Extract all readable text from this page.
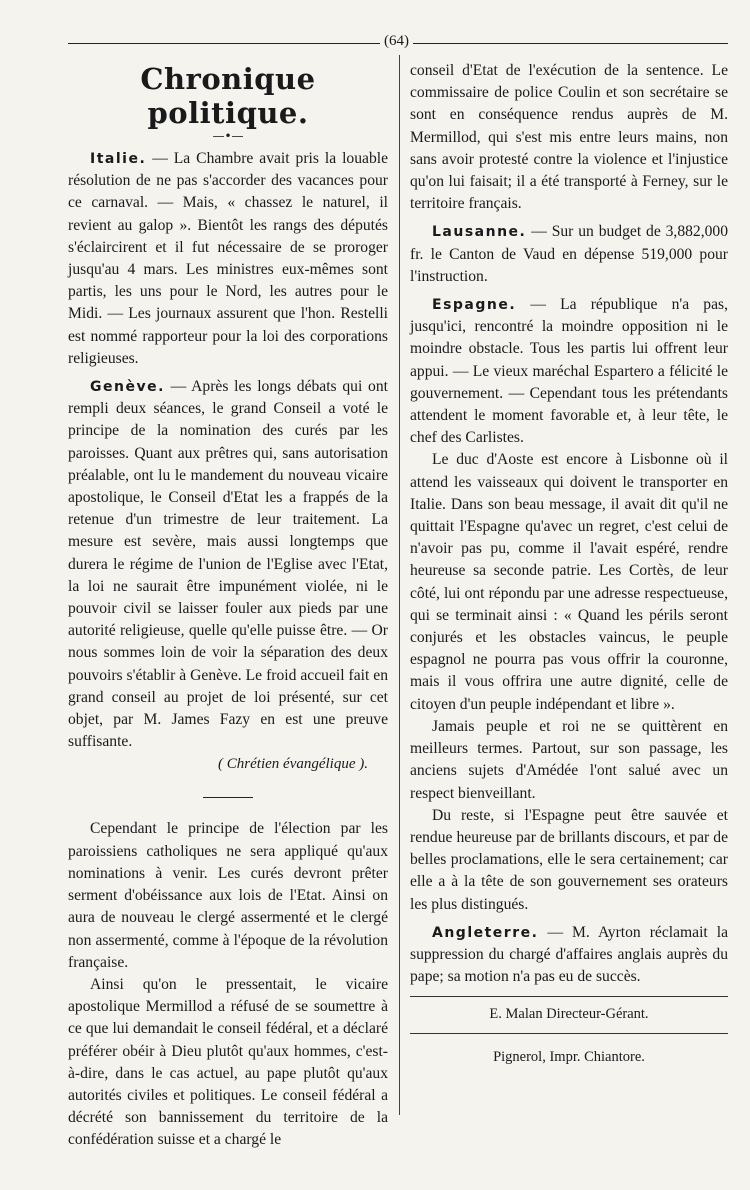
(64)
Chronique politique.
—•—

Italie. — La Chambre avait pris la louable résolution de ne pas s'accorder des vacances pour ce carnaval. — Mais, « chassez le naturel, il revient au galop ». Bientôt les rangs des députés s'éclaircirent et il fut nécessaire de se proroger jusqu'au 4 mars. Les ministres eux-mêmes sont partis, les uns pour le Nord, les autres pour le Midi. — Les journaux assurent que l'hon. Restelli est nommé rapporteur pour la loi des corporations religieuses.

Genève. — Après les longs débats qui ont rempli deux séances, le grand Conseil a voté le principe de la nomination des curés par les paroisses. Quant aux prêtres qui, sans autorisation préalable, ont lu le mandement du nouveau vicaire apostolique, le Conseil d'Etat les a frappés de la retenue d'un trimestre de leur traitement. La mesure est sevère, mais aussi longtemps que durera le régime de l'union de l'Eglise avec l'Etat, la loi ne saurait être impunément violée, ni le pouvoir civil se laisser fouler aux pieds par une autorité religieuse, quelle qu'elle puisse être. — Or nous sommes loin de voir la séparation des deux pouvoirs s'établir à Genève. Le froid accueil fait en grand conseil au projet de loi présenté, sur cet objet, par M. James Fazy en est une preuve suffisante.

( Chrétien évangélique ).

Cependant le principe de l'élection par les paroissiens catholiques ne sera appliqué qu'aux nominations à venir. Les curés devront prêter serment d'obéissance aux lois de l'Etat. Ainsi on aura de nouveau le clergé assermenté et le clergé non assermenté, comme à l'époque de la révolution française.

Ainsi qu'on le pressentait, le vicaire apostolique Mermillod a réfusé de se soumettre à ce que lui demandait le conseil fédéral, et a déclaré préférer obéir à Dieu plutôt qu'aux hommes, c'est-à-dire, dans le cas actuel, au pape plutôt qu'aux autorités civiles et politiques. Le conseil fédéral a décrété son bannissement du territoire de la confédération suisse et a chargé le

conseil d'Etat de l'exécution de la sentence. Le commissaire de police Coulin et son secrétaire se sont en conséquence rendus auprès de M. Mermillod, qui s'est mis entre leurs mains, non sans avoir protesté contre la violence et l'injustice qu'on lui faisait; il a été transporté à Ferney, sur le territoire français.

Lausanne. — Sur un budget de 3,882,000 fr. le Canton de Vaud en dépense 519,000 pour l'instruction.

Espagne. — La république n'a pas, jusqu'ici, rencontré la moindre opposition ni le moindre obstacle. Tous les partis lui offrent leur appui. — Le vieux maréchal Espartero a félicité le gouvernement. — Cependant tous les prétendants attendent le moment favorable et, à leur tête, le chef des Carlistes.

Le duc d'Aoste est encore à Lisbonne où il attend les vaisseaux qui doivent le transporter en Italie. Dans son beau message, il avait dit qu'il ne quittait l'Espagne qu'avec un regret, c'est celui de n'avoir pas pu, comme il l'avait espéré, rendre heureuse sa seconde patrie. Les Cortès, de leur côté, lui ont répondu par une adresse respectueuse, qui se terminait ainsi : « Quand les périls seront conjurés et les obstacles vaincus, le peuple espagnol ne pourra pas vous offrir la couronne, mais il vous offrira une autre dignité, celle de citoyen d'un peuple indépendant et libre ».

Jamais peuple et roi ne se quittèrent en meilleurs termes. Partout, sur son passage, les anciens sujets d'Amédée l'ont salué avec un respect bienveillant.

Du reste, si l'Espagne peut être sauvée et rendue heureuse par de brillants discours, et par de belles proclamations, elle le sera certainement; car elle a à la tête de son gouvernement ses orateurs les plus distingués.

Angleterre. — M. Ayrton réclamait la suppression du chargé d'affaires anglais auprès du pape; sa motion n'a pas eu de succès.

E. Malan Directeur-Gérant.
Pignerol, Impr. Chiantore.
